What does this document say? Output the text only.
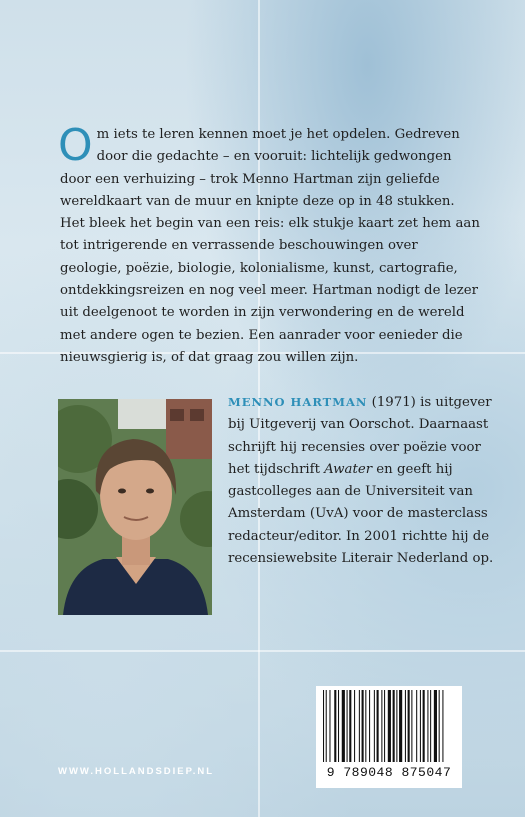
Om iets te leren kennen moet je het opdelen. Gedreven door die gedachte – en vooruit: lichtelijk gedwongen door een verhuizing – trok Menno Hartman zijn geliefde wereldkaart van de muur en knipte deze op in 48 stukken. Het bleek het begin van een reis: elk stukje kaart zet hem aan tot intrigerende en verrassende beschouwingen over geologie, poëzie, biologie, kolonialisme, kunst, cartografie, ontdekkingsreizen en nog veel meer. Hartman nodigt de lezer uit deelgenoot te worden in zijn verwondering en de wereld met andere ogen te bezien. Een aanrader voor eenieder die nieuwsgierig is, of dat graag zou willen zijn.

MENNO HARTMAN (1971) is uitgever bij Uitgeverij van Oorschot. Daarnaast schrijft hij recensies over poëzie voor het tijdschrift Awater en geeft hij gastcolleges aan de Universiteit van Amsterdam (UvA) voor de masterclass redacteur/editor. In 2001 richtte hij de recensiewebsite Literair Nederland op.

9 789048 875047 NUR 320
WWW.HOLLANDSDIEP.NL
